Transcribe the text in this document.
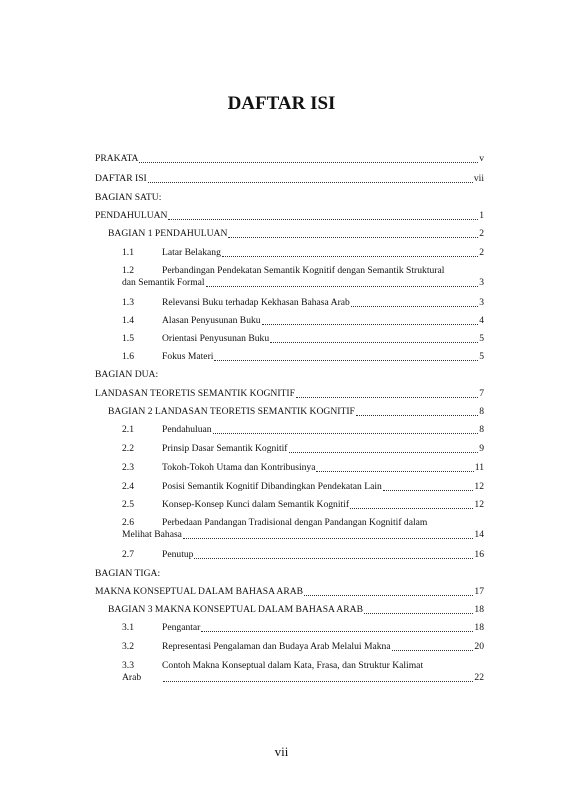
DAFTAR ISI
PRAKATA	v
DAFTAR ISI	vii
BAGIAN SATU:
PENDAHULUAN	1
BAGIAN 1 PENDAHULUAN	2
1.1	Latar Belakang	2
1.2	Perbandingan Pendekatan Semantik Kognitif dengan Semantik Struktural
dan Semantik Formal	3
1.3	Relevansi Buku terhadap Kekhasan Bahasa Arab	3
1.4	Alasan Penyusunan Buku	4
1.5	Orientasi Penyusunan Buku	5
1.6	Fokus Materi	5
BAGIAN DUA:
LANDASAN TEORETIS SEMANTIK KOGNITIF	7
BAGIAN 2 LANDASAN TEORETIS SEMANTIK KOGNITIF	8
2.1	Pendahuluan	8
2.2	Prinsip Dasar Semantik Kognitif	9
2.3	Tokoh-Tokoh Utama dan Kontribusinya	11
2.4	Posisi Semantik Kognitif Dibandingkan Pendekatan Lain	12
2.5	Konsep-Konsep Kunci dalam Semantik Kognitif	12
2.6	Perbedaan Pandangan Tradisional dengan Pandangan Kognitif dalam
Melihat Bahasa	14
2.7	Penutup	16
BAGIAN TIGA:
MAKNA KONSEPTUAL DALAM BAHASA ARAB	17
BAGIAN 3 MAKNA KONSEPTUAL DALAM BAHASA ARAB	18
3.1	Pengantar	18
3.2	Representasi Pengalaman dan Budaya Arab Melalui Makna	20
3.3	Contoh Makna Konseptual dalam Kata, Frasa, dan Struktur Kalimat
Arab	22
vii
